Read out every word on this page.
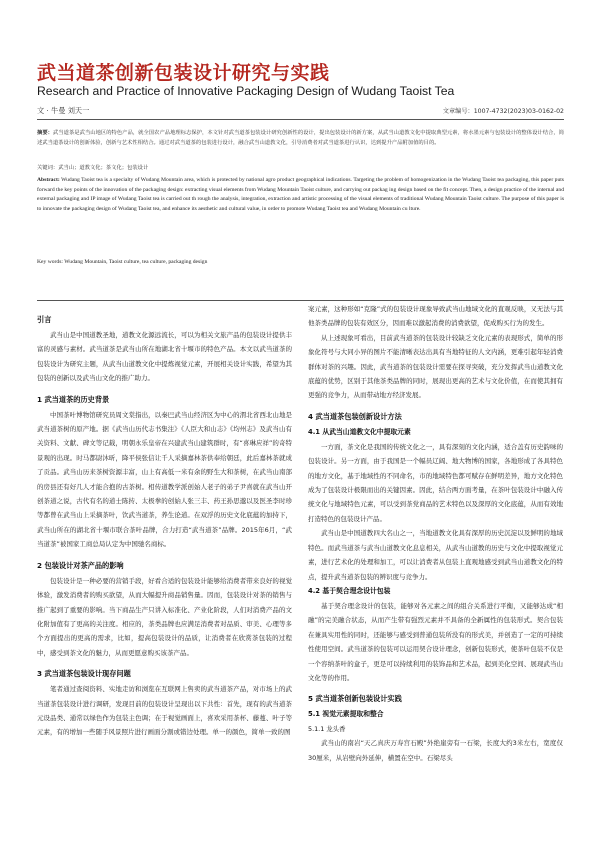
武当道茶创新包装设计研究与实践
Research and Practice of Innovative Packaging Design of Wudang Taoist Tea
文 · 牛曼 刘天一	文章编号：1007-4732(2023)03-0162-02
摘要：武当道茶是武当山地区的特色产品，就全国农产品地理标志保护，本文针对武当道茶包装设计研究创新性的设计，提出包装设计的新方案，从武当山道教文化中提取典型元素，将水墨元素与包装设计的整体设计结合，简述武当道茶设计的创新体验，创新与艺术性相结合。通过对武当道茶的包装进行设计，融合武当山道教文化，引导消费者对武当道茶进行认识，达到提升产品附加值的目的。
关键词：武当山；道教文化；茶文化；包装设计
Abstract: Wudang Taoist tea is a specialty of Wudang Mountain area, which is protected by national agro product geographical indications. Targeting the problem of homogenization in the Wudang Taoist tea packaging, this paper puts forward the key points of the innovation of the packaging design: extracting visual elements from Wudang Mountain Taoist culture, and carrying out packag ing design based on the fit concept. Then, a design practice of the internal and external packaging and IP image of Wudang Taoist tea is carried out th rough the analysis, integration, extraction and artistic processing of the visual elements of traditional Wudang Mountain Taoist culture. The purpose of this paper is to innovate the packaging design of Wudang Taoist tea, and enhance its aesthetic and cultural value, in order to promote Wudang Taoist tea and Wudang Mountain cu lture.
Key words: Wudang Mountain, Taoist culture, tea culture, packaging design
引言
武当山是中国道教圣地，道教文化源远流长，可以为相关文旅产品的包装设计提供丰富的灵感与素材。武当道茶是武当山所在地湖北省十堰市的特色产品。本文以武当道茶的包装设计为研究主题，从武当山道教文化中提炼视觉元素，开展相关设计实践，希望为其包装的创新以及武当山文化的推广助力。
1 武当道茶的历史背景
中国茶叶博物馆研究员周文棠指出，以秦巴武当山经济区为中心的渭北省西北山地是武当道茶树的原产地。据《武当山历代志书集注》《人臣大和山志》《均州志》及武当山有关资料、文献、碑文等记载，明朝永乐皇帝在兴建武当山建筑群时，有“喜琳应祥”的奇特景观的出现。时马都尉沐昕，降平侯张信让千人采摘嘉林茶供奉给朝廷，此后嘉林茶就成了贡品。武当山历来茶树资源丰富，山上有高低一米有余的野生大和茶树，在武当山南部的房县还有好几人才能合抱的古茶树。相传道教学派创始人老子的弟子尹喜就在武当山开创茶道之说，古代有名的道士陈抟、太极拳的创始人张三丰、药王孙思邈以及医圣李时珍等都曾在武当山上采摘茶叶，饮武当道茶，养生论道。在双浮的历史文化底蕴的加持下，武当山所在的湖北省十堰市联合茶叶品牌，合力打造“武当道茶”品牌。2015年6月，“武当道茶”被国家工商总局认定为中国驰名商标。
2 包装设计对茶产品的影响
包装设计是一种必要的营销手段，好看合适的包装设计能够给消费者带来良好的视觉体验，激发消费者的购买欲望，从而大幅提升商品销售量。因而，包装设计对茶的销售与推广起到了重要的影响。当下商品生产只讲入标准化、产业化阶段，人们对消费产品的文化附加值有了更高的关注度。相应的，茶类品牌也应满足消费者对品质、审美、心理等多个方面提出的更高的需求，比如，提高包装设计的品质，让消费者在欣赏茶包装的过程中，感受到茶文化的魅力，从而更愿意购买该茶产品。
3 武当道茶包装设计现存问题
笔者通过查阅资料、实地走访和浏览在互联网上售卖的武当道茶产品，对市场上的武当道茶包装设计进行调研，发现目前的包装设计呈现出以下共性：首先，现有的武当道茶元设品类、通常以绿色作为包装主色调；在于视觉画面上，喜欢采用茶杯、藤蔓、叶子等元素，有的增加一些随手风景照片进行画面分割或错边处理。单一的颜色，简单一致的图
案元素，这种形如“克隆”式的包装设计现象导致武当山地域文化的直观反映，又无法与其他茶类品牌的包装有效区分，因而难以激起消费的消费欲望，促成购买行为的发生。
从上述现象可看出，目前武当道茶的包装设计较缺乏文化元素的表现形式，简单的形象化符号与大同小异的图片不能清晰表达出具有当地特征的人文内涵，更难引起年轻消费群体对茶的兴趣。因此，武当道茶的包装设计需要在探寻突破，充分发挥武当山道教文化底蕴的优势，区别于其他茶类品牌的同时，展现出更高的艺术与文化价值，在而使其拥有更强的竞争力，从而带动地方经济发展。
4 武当道茶包装创新设计方法
4.1 从武当山道教文化中提取元素
一方面，茶文化是我国的传统文化之一，具有深刻的文化内涵，适合盖有历史韵味的包装设计。另一方面，由于我国是一个幅员辽阔、地大物博的国家，各地形成了各具特色的地方文化，基于地域性的不同命名，市的地域特色都可赋存在鲜明差异，地方文化特色成为了包装设计极限而出的关键因素。因此，结合两方面考量，在茶叶包装设计中融入传统文化与地域特色元素，可以受到茶党商品的艺术特色以及深厚的文化底蕴，从而有效地打造特色的包装设计产品。
武当山是中国道教四大名山之一，当地道教文化具有深厚的历史沉淀以及鲜明的地域特色。而武当道茶与武当山道教文化息息相关，从武当山道教的历史与文化中提取视觉元素，进行艺术化的处理和加工，可以让消费者从包装上直观地感受到武当山道教文化的特点，提升武当道茶包装的辨识度与竞争力。
4.2 基于契合理念设计包装
基于契合理念设计的包装，能够对各元素之间的组合关系进行平衡，又能够达成“相融”的完美融合状态，从而产生带有强烈元素并不具备的全新属性的包装形式。契合包装在兼具实用性的同时，还能够与感受到普通包装所没有的形式美，并创造了一定的可持续性使用空间。武当道茶的包装可以运用契合设计理念，创新包装形式，使茶叶包装不仅是一个容纳茶叶的盒子，更是可以持续利用的装饰品和艺术品，起到美化空间、展现武当山文化等的作用。
5 武当道茶创新包装设计实践
5.1 视觉元素提取和整合
5.1.1 龙头香
武当山的南岩“天乙真庆万寿宫石殿”外绝崖旁有一石梁，长度大约3米左右，宽度仅30厘米，从岩壁向外延伸，横置在空中。石梁尽头
